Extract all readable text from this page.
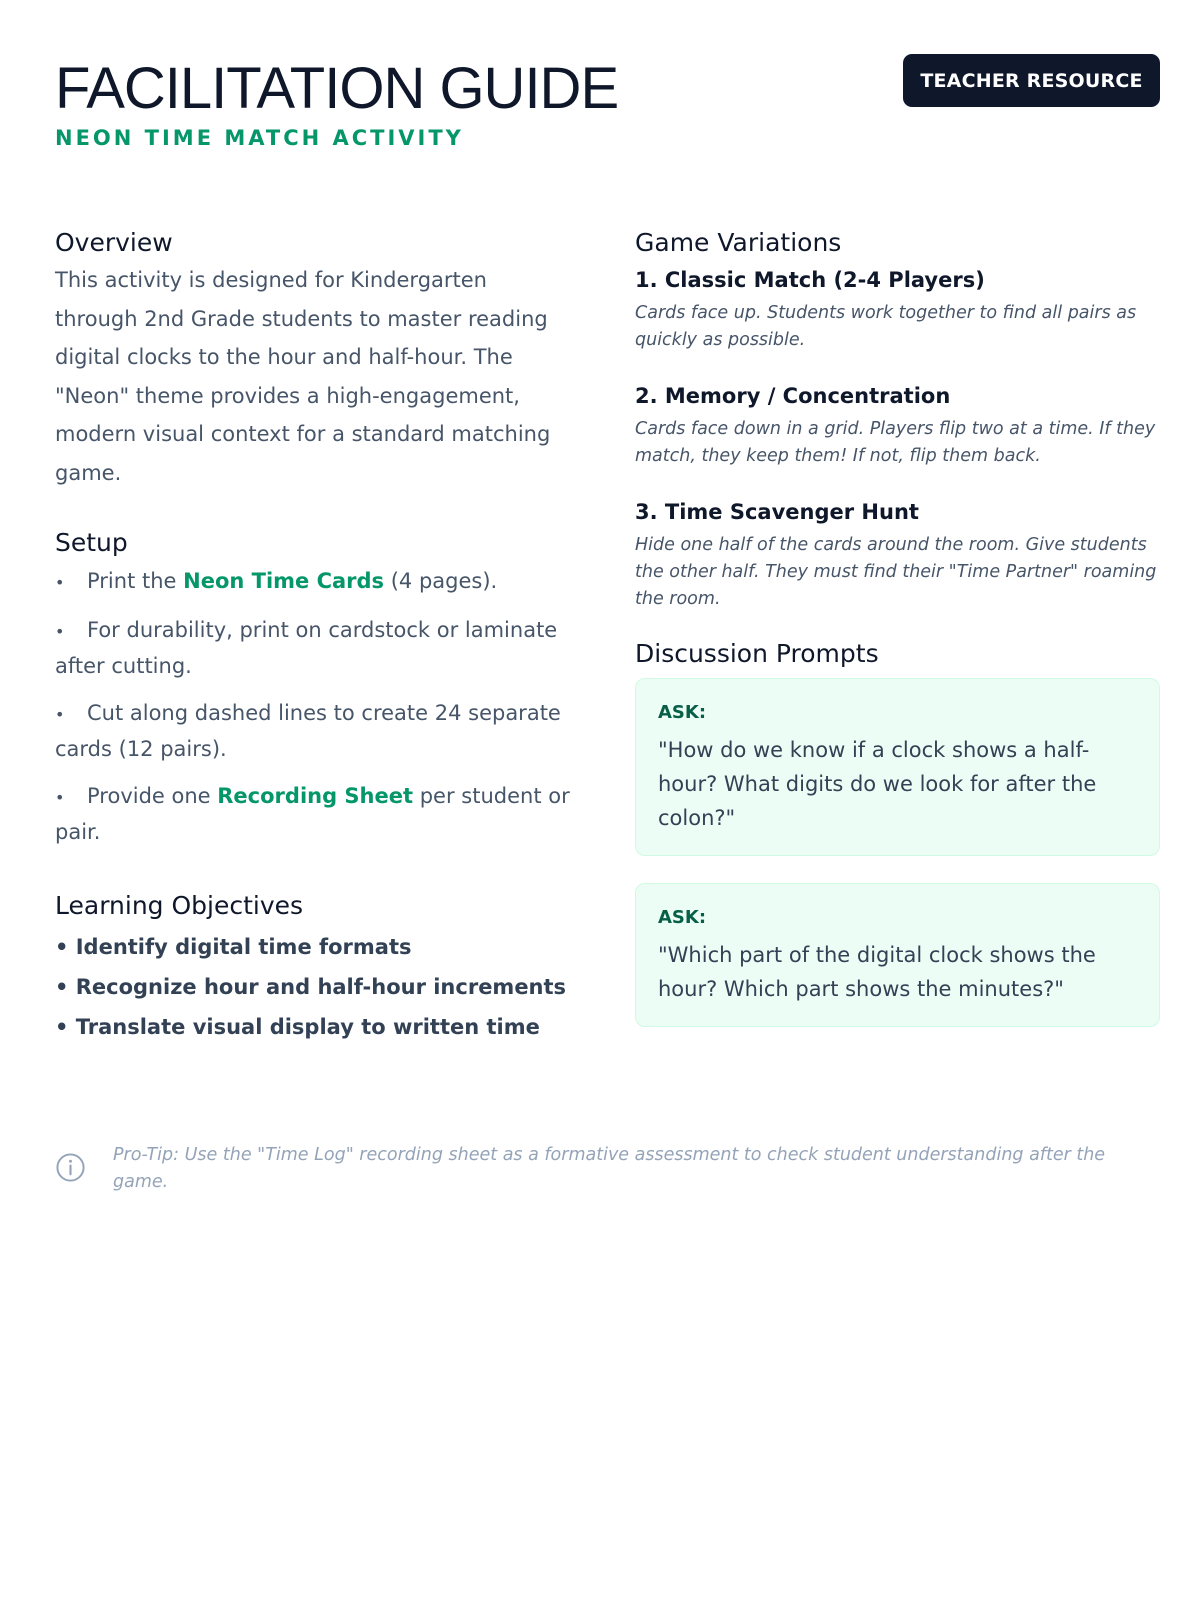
FACILITATION GUIDE
NEON TIME MATCH ACTIVITY
TEACHER RESOURCE
Overview

This activity is designed for Kindergarten through 2nd Grade students to master reading digital clocks to the hour and half-hour. The "Neon" theme provides a high-engagement, modern visual context for a standard matching game.

Setup
• Print the Neon Time Cards (4 pages).
• For durability, print on cardstock or laminate after cutting.
• Cut along dashed lines to create 24 separate cards (12 pairs).
• Provide one Recording Sheet per student or pair.
Learning Objectives
• Identify digital time formats
• Recognize hour and half-hour increments
• Translate visual display to written time
Game Variations
1. Classic Match (2-4 Players)
Cards face up. Students work together to find all pairs as quickly as possible.
2. Memory / Concentration
Cards face down in a grid. Players flip two at a time. If they match, they keep them! If not, flip them back.
3. Time Scavenger Hunt
Hide one half of the cards around the room. Give students the other half. They must find their "Time Partner" roaming the room.
Discussion Prompts
ASK:
"How do we know if a clock shows a half-hour? What digits do we look for after the colon?"
ASK:
"Which part of the digital clock shows the hour? Which part shows the minutes?"

Pro-Tip: Use the "Time Log" recording sheet as a formative assessment to check student understanding after the game.
